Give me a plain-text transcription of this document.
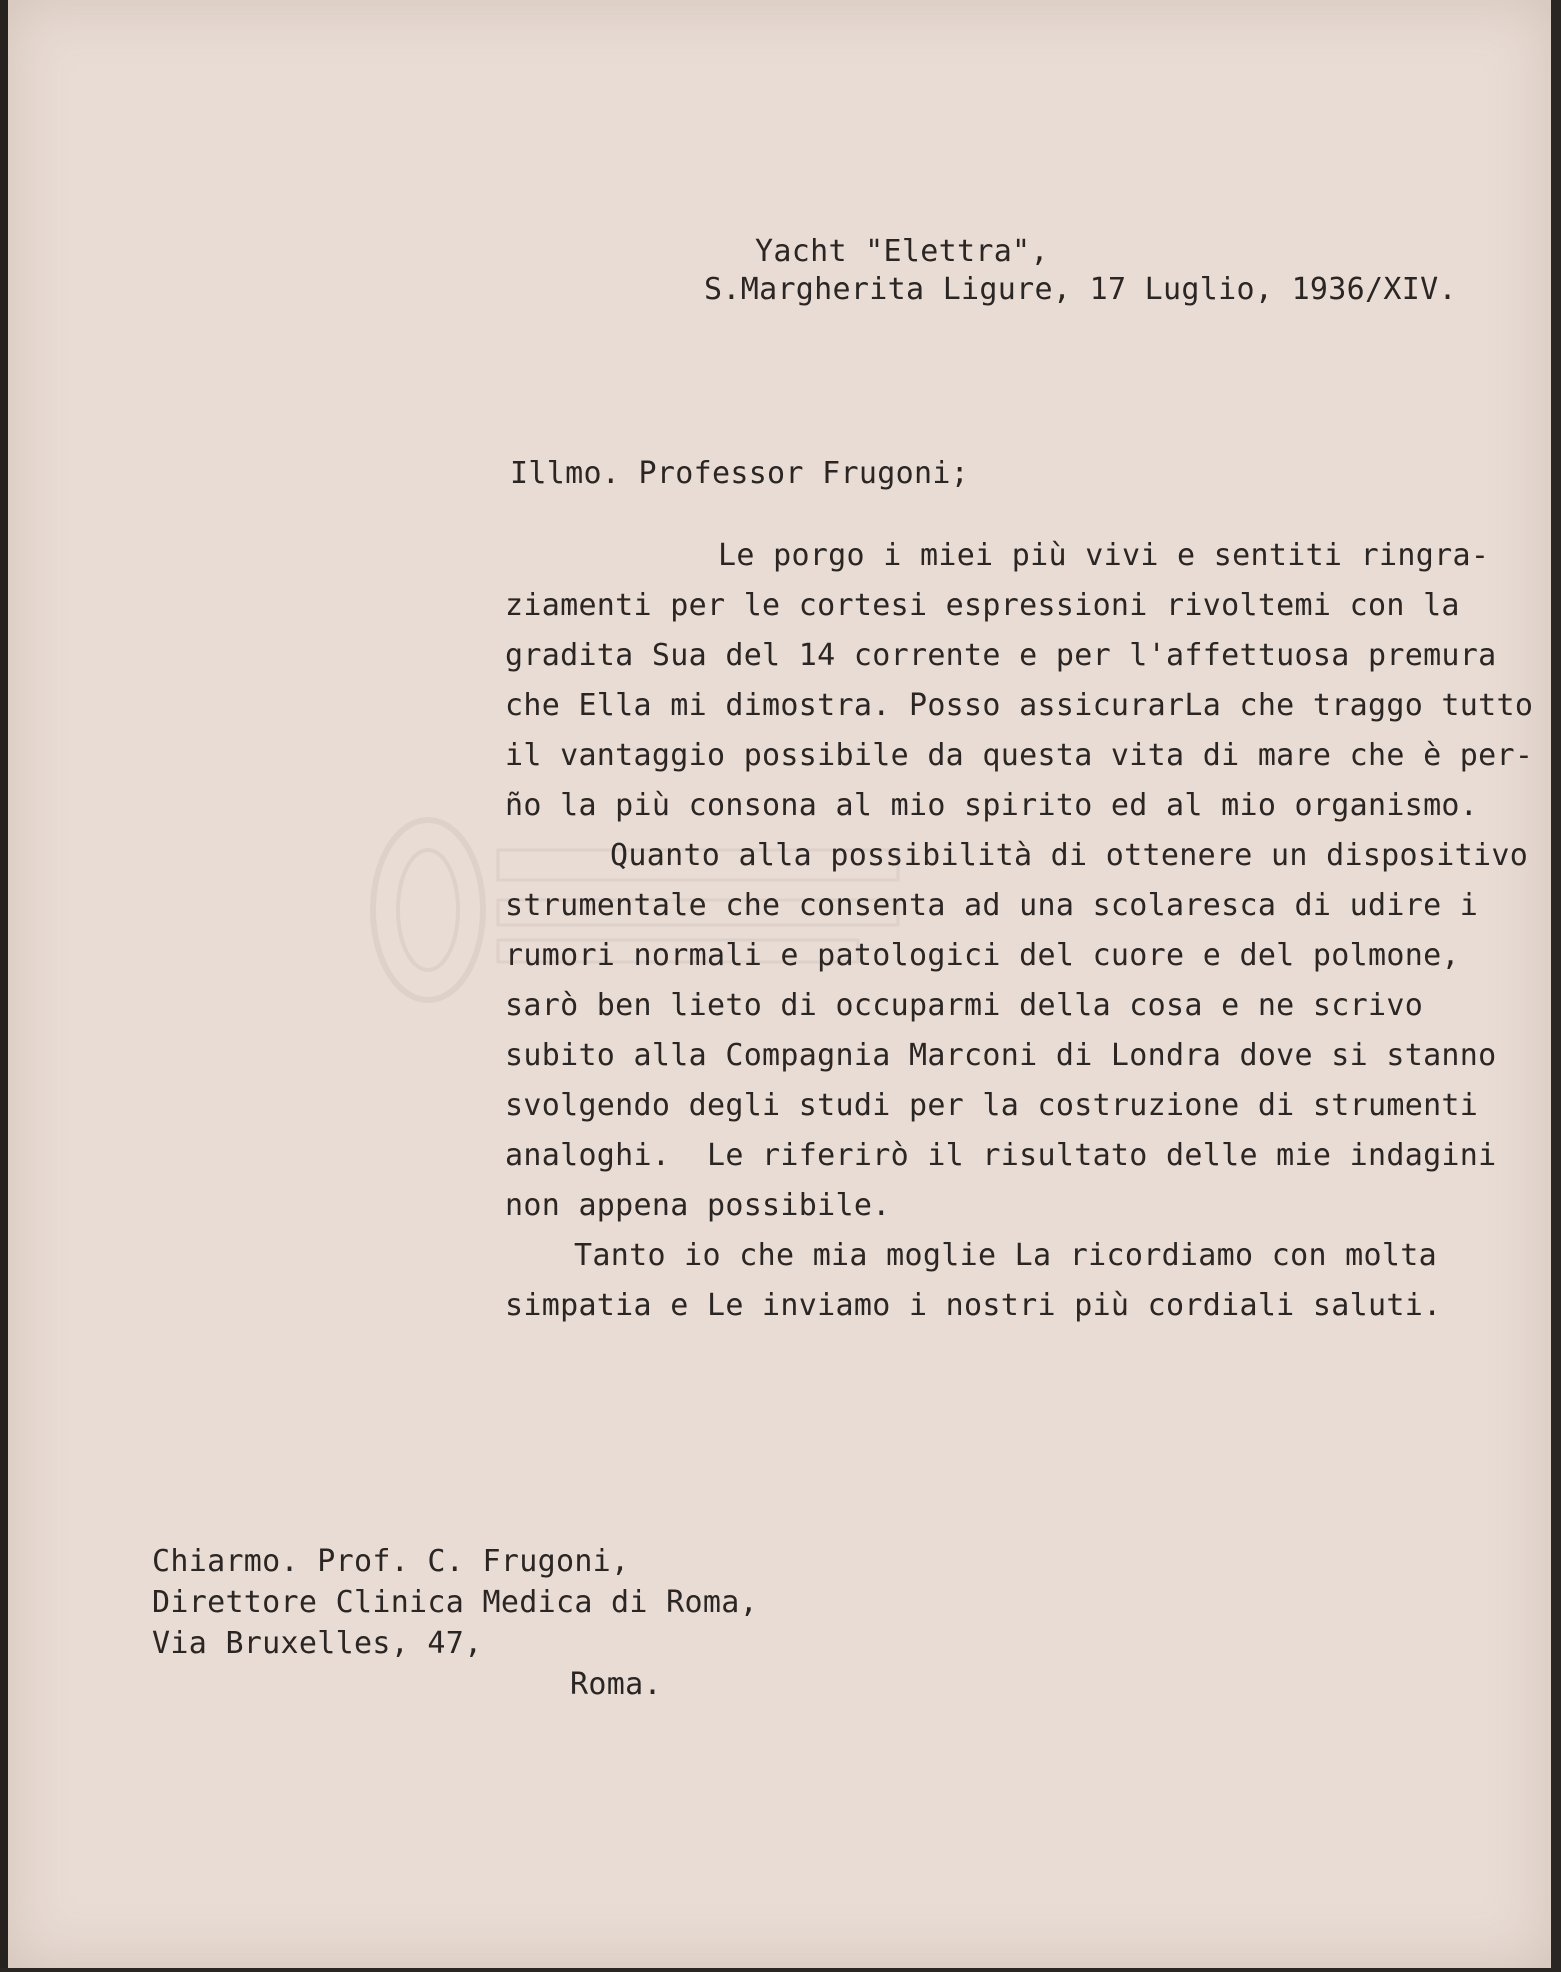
Yacht "Elettra",
S.Margherita Ligure, 17 Luglio, 1936/XIV.
Illmo. Professor Frugoni;
Le porgo i miei più vivi e sentiti ringra-
ziamenti per le cortesi espressioni rivoltemi con la
gradita Sua del 14 corrente e per l'affettuosa premura
che Ella mi dimostra. Posso assicurarLa che traggo tutto
il vantaggio possibile da questa vita di mare che è per-
ño la più consona al mio spirito ed al mio organismo.
Quanto alla possibilità di ottenere un dispositivo
strumentale che consenta ad una scolaresca di udire i
rumori normali e patologici del cuore e del polmone,
sarò ben lieto di occuparmi della cosa e ne scrivo
subito alla Compagnia Marconi di Londra dove si stanno
svolgendo degli studi per la costruzione di strumenti
analoghi.  Le riferirò il risultato delle mie indagini
non appena possibile.
Tanto io che mia moglie La ricordiamo con molta
simpatia e Le inviamo i nostri più cordiali saluti.
Chiarmo. Prof. C. Frugoni,
Direttore Clinica Medica di Roma,
Via Bruxelles, 47,
Roma.
